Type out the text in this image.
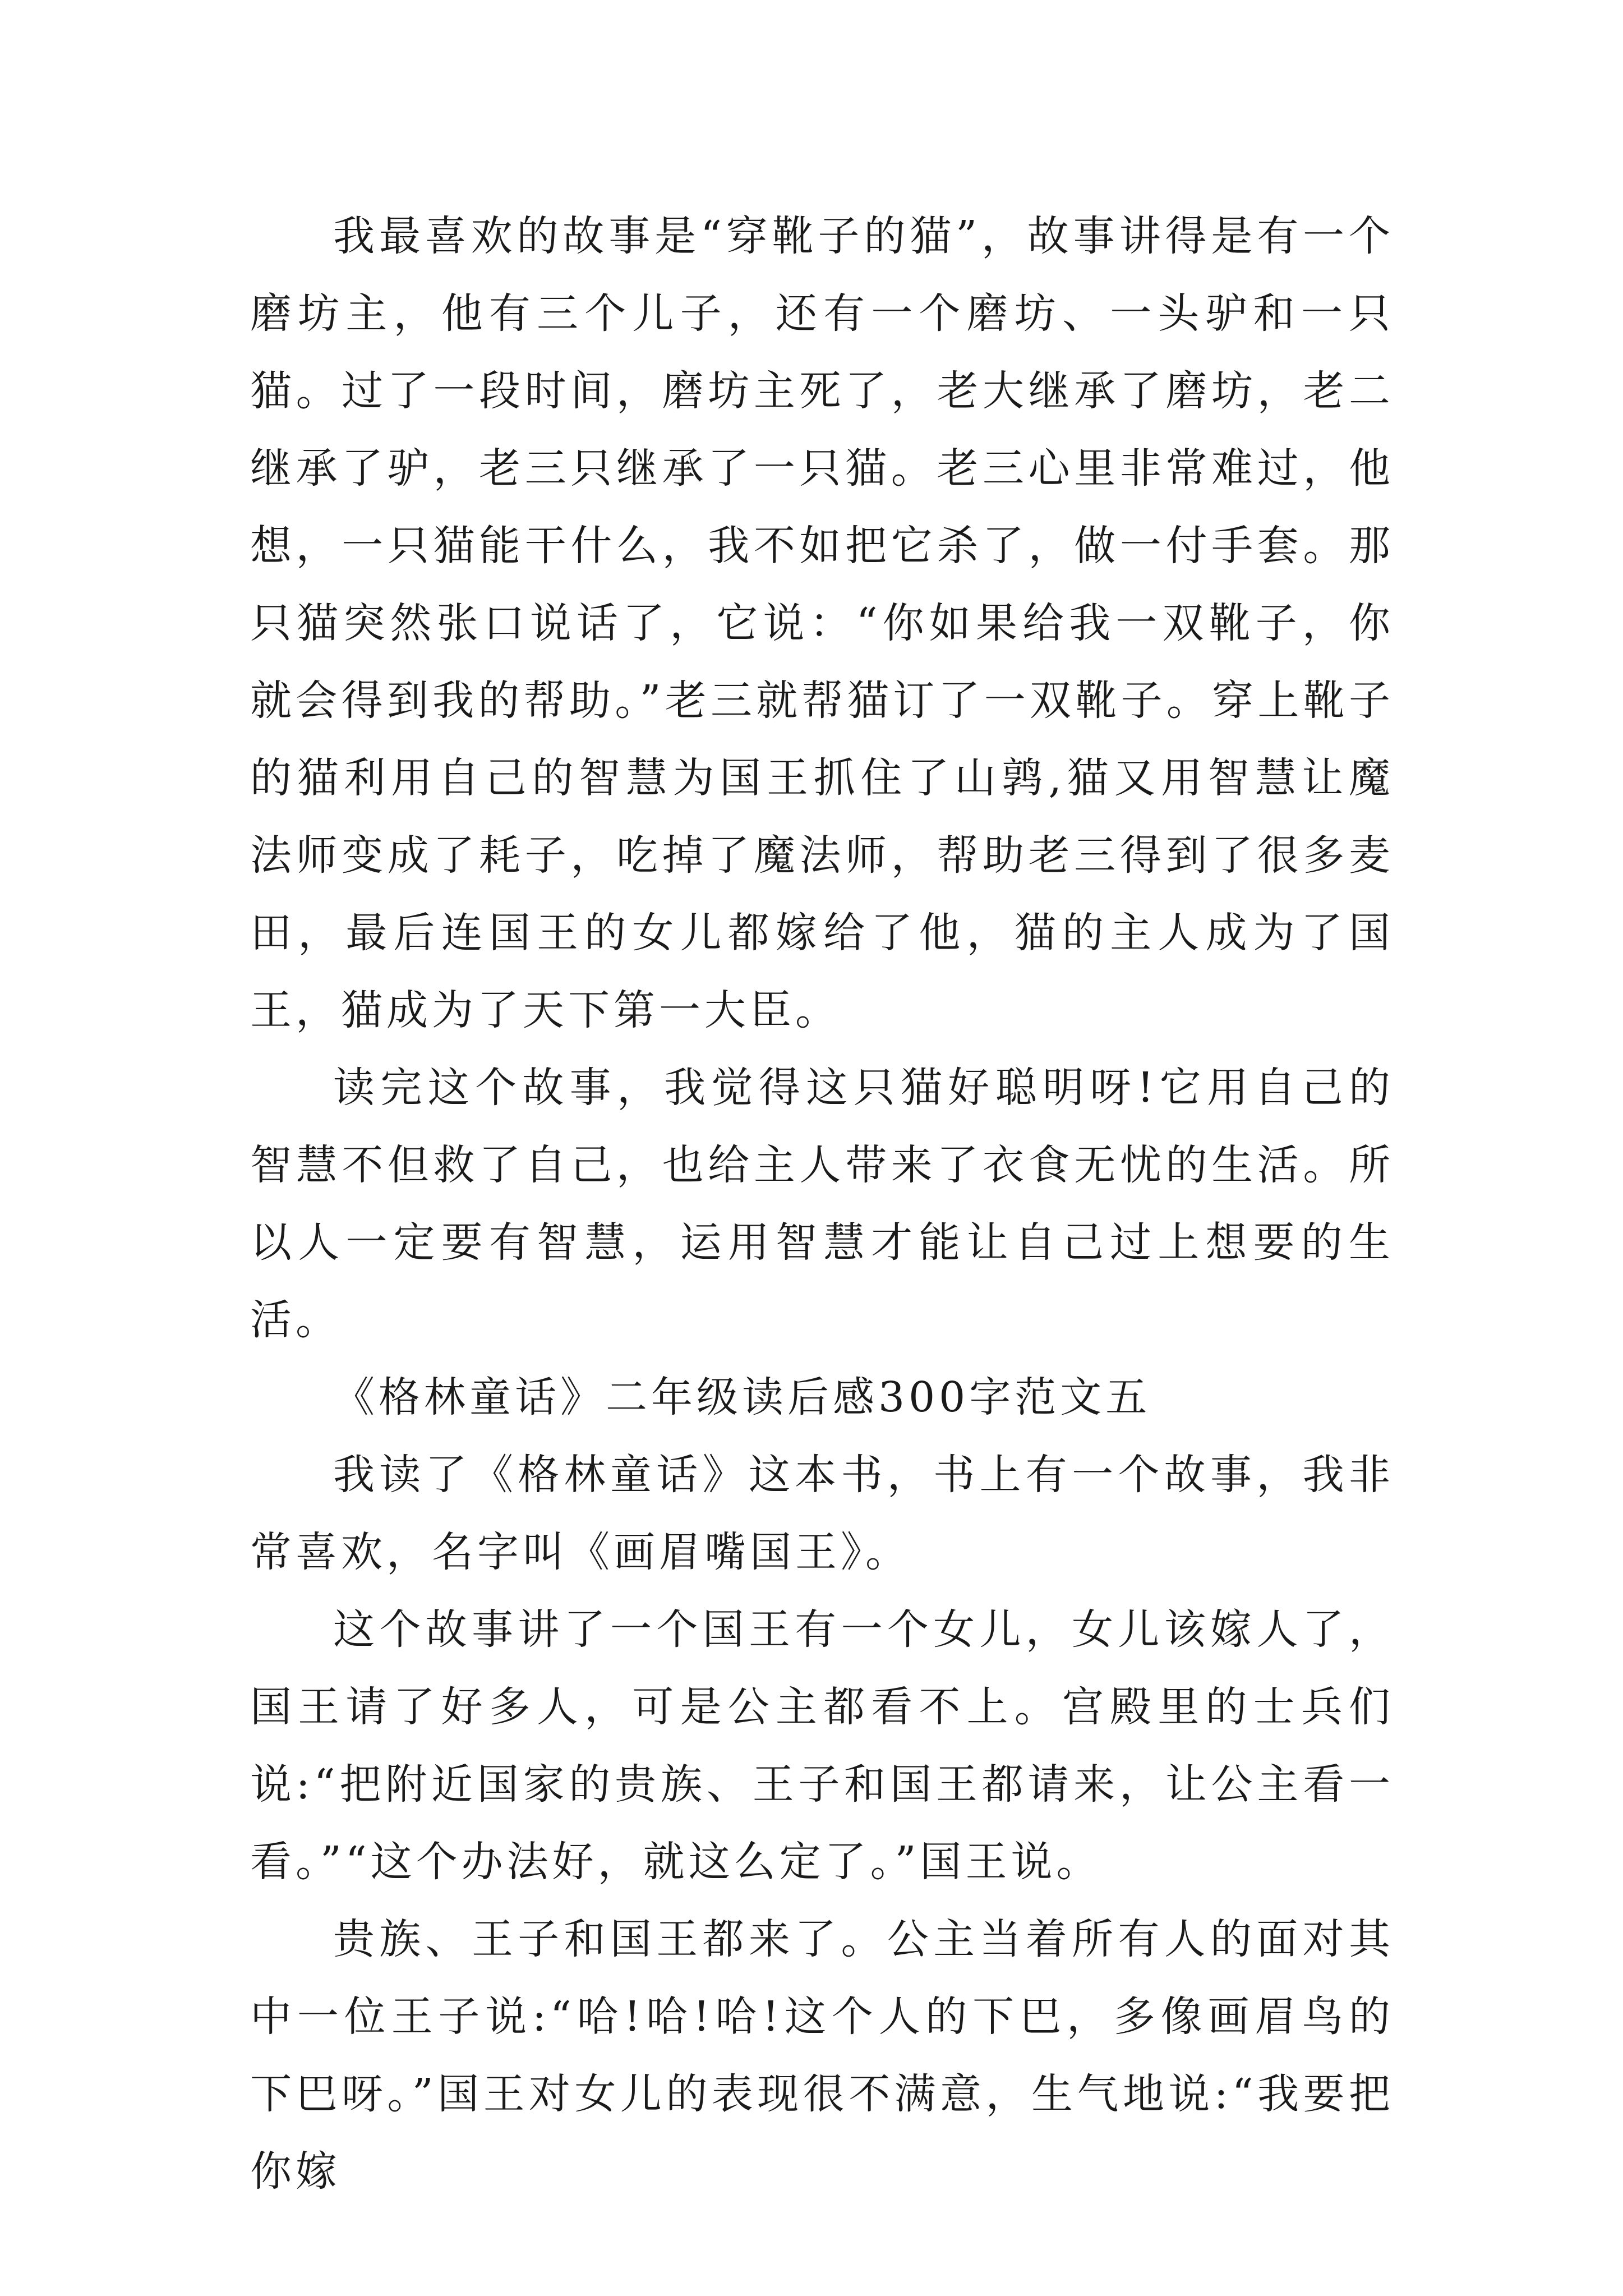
我最喜欢的故事是“穿靴子的猫”，故事讲得是有一个磨坊主，他有三个儿子，还有一个磨坊、一头驴和一只猫。过了一段时间，磨坊主死了，老大继承了磨坊，老二继承了驴，老三只继承了一只猫。老三心里非常难过，他想，一只猫能干什么，我不如把它杀了，做一付手套。那只猫突然张口说话了，它说：“你如果给我一双靴子，你就会得到我的帮助。”老三就帮猫订了一双靴子。穿上靴子的猫利用自己的智慧为国王抓住了山鹑,猫又用智慧让魔法师变成了耗子，吃掉了魔法师，帮助老三得到了很多麦田，最后连国王的女儿都嫁给了他，猫的主人成为了国王，猫成为了天下第一大臣。

读完这个故事，我觉得这只猫好聪明呀!它用自己的智慧不但救了自己，也给主人带来了衣食无忧的生活。所以人一定要有智慧，运用智慧才能让自己过上想要的生活。

《格林童话》二年级读后感300字范文五

我读了《格林童话》这本书，书上有一个故事，我非常喜欢，名字叫《画眉嘴国王》。

这个故事讲了一个国王有一个女儿，女儿该嫁人了，国王请了好多人，可是公主都看不上。宫殿里的士兵们说:“把附近国家的贵族、王子和国王都请来，让公主看一看。”“这个办法好，就这么定了。”国王说。

贵族、王子和国王都来了。公主当着所有人的面对其中一位王子说:“哈!哈!哈!这个人的下巴，多像画眉鸟的下巴呀。”国王对女儿的表现很不满意，生气地说:“我要把你嫁
